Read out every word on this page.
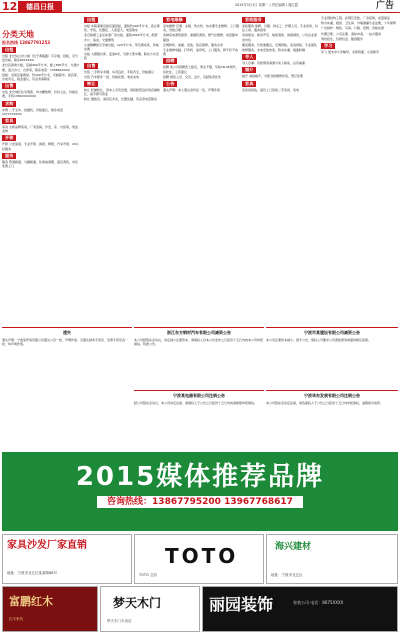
12	德昌日报	2015年3月1日 星期一 | 责任编辑 | 周红霞	广告
分类天地
报名热线 13867791253
出租

出租 北仑综合办公楼（位于黄陵路）写字楼，招租，可分层出租，联系6515XXX

北仑区新建大楼，底楼400平方米，楼上500平方，交通方便，适合办公、仓库等，联系电话：13586XXXXX

招租：沿街店面两间，约100平方米，可做超市、饭店等，水电齐全，租金面议，有意者请联系

出售

出售 北仑城区住宅两套，均为精装修，拎包入住，价格优惠，手机138XXXXXXXX

求购

求购 二手叉车、挖掘机，价格面议，联系电话13777XXXXX

家具

家具 全新品牌家具，厂家直销，沙发、床、衣柜等，欢迎选购

开锁

开锁 公安备案，专业开锁、换锁、修锁，汽车开锁，24小时服务

服务

服务 管道疏通，马桶疏通，化粪池清理，高压清洗，市区免费上门

出租

出租 华联商厦沿街店面招租，面积约200平方米，适合餐饮、零售，位置佳，人流量大，电话联系

北仑新碶工业区标准厂房出租，面积2000平方米，配套办公、宿舍，交通便利

小港镇精装写字楼出租，120平方米，带空调家具，价格优惠

出租 大碶镇仓库，层高8米，可停大型车辆，联系方式见报

出售

出售 二手轿车多辆，车况良好，手续齐全，价格面议

出售 汽车配件一批，价格优惠，欢迎来电

转让

转让 旺铺转让，因本人另有发展，现将经营良好的店铺转让，接手即可营业

转让 服装店、美容店多家，位置优越，有意者电话联系

家电维修

家电维修 空调、冰箱、洗衣机、热水器专业维修，上门服务，价格合理

各种家电清洗保养，油烟机清洗，燃气灶维修，电话随叫随到

空调移机、加氟、安装，售后保修，服务全市

专业维修电脑、打印机、复印机，上门服务，修不好不收费

招聘

招聘 某公司招聘普工数名，男女不限，年龄18-45周岁，包吃住，工资面议

招聘 销售人员、文员、会计，有经验者优先

公告

遗失声明：本人遗失身份证一张，声明作废

家政服务

家政服务 保姆、月嫂、钟点工、护理人员，专业培训，持证上岗，服务到家

家庭保洁、新房开荒、地毯清洗、玻璃清洗，公司企业保洁外包

搬家服务，长短途搬运，空调拆装，家具拆装，专业团队

装修服务，水电安装改造，防水补漏，墙面粉刷

寻人

寻人启事：有知情者请速与家人联系，必有重谢

婚介

婚介 诚信婚介，为您寻找理想伴侣，登记免费

家具

旧家具回收，高价上门回收二手家具、家电

专业钢结构工程，彩钢瓦安装，厂房搭建，质量保证

防水补漏，楼顶、卫生间、外墙渗漏专业处理，十年保修

广告制作：喷绘、写真、灯箱、招牌，价格实惠

代理记账、公司注册、商标申请，一站式服务

驾校招生，包教包会，随到随学

学习

学习 周末中小学辅导，名师授课，小班教学

遗失

遗失声明：宁波某贸易有限公司遗失公章一枚，声明作废。另遗失财务专用章、发票专用章各一枚，均声明作废。

浙江东方钢材汽车有限公司减资公告

本公司经股东会决议，决定减少注册资本，请债权人自本公告发布之日起四十五日内向本公司申报债权。特此公告。

宁波某电器有限公司注销公告

经公司股东会决议，本公司决定注销，请债权人于公告之日起四十五日内向清算组申报债权。

宁波市某建设有限公司减资公告

本公司注册资本减少，现予公告，债权人可要求公司清偿债务或提供相应担保。

宁波华东发展有限公司注销公告

本公司股东会决定注销，请各债权人于公告之日起四十五日内申报债权，逾期视为放弃。

2015媒体推荐品牌
咨询热线：13867795200 13967768617
家具沙发厂家直销
地址：宁波市北仑区某某路88号
TOTO
TOTO 卫浴
海兴建材
地址：宁波市北仑区
富鹏红木
红木家具
梦天木门
梦天木门专卖店
丽园装饰	家装公司 电话：8675XXXX
